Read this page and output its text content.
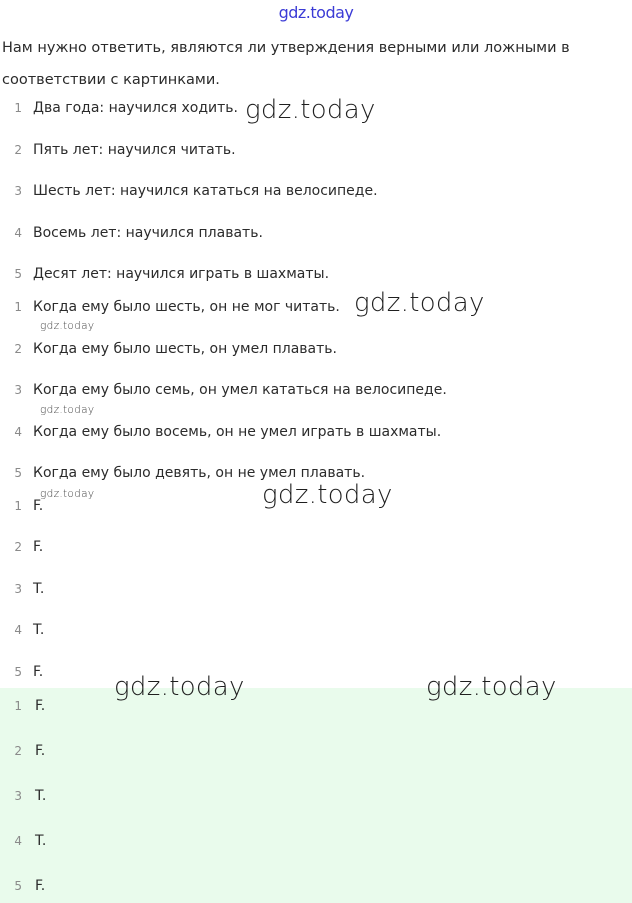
gdz.today
Нам нужно ответить, являются ли утверждения верными или ложными в соответствии с картинками.
1 Два года: научился ходить.
2 Пять лет: научился читать.
3 Шесть лет: научился кататься на велосипеде.
4 Восемь лет: научился плавать.
5 Десят лет: научился играть в шахматы.
1 Когда ему было шесть, он не мог читать.
2 Когда ему было шесть, он умел плавать.
3 Когда ему было семь, он умел кататься на велосипеде.
4 Когда ему было восемь, он не умел играть в шахматы.
5 Когда ему было девять, он не умел плавать.
1 F.
2 F.
3 T.
4 T.
5 F.
1 F.
2 F.
3 T.
4 T.
5 F.
gdz.today
gdz.today
gdz.today
gdz.today
gdz.today	gdz.today
gdz.today	gdz.today
